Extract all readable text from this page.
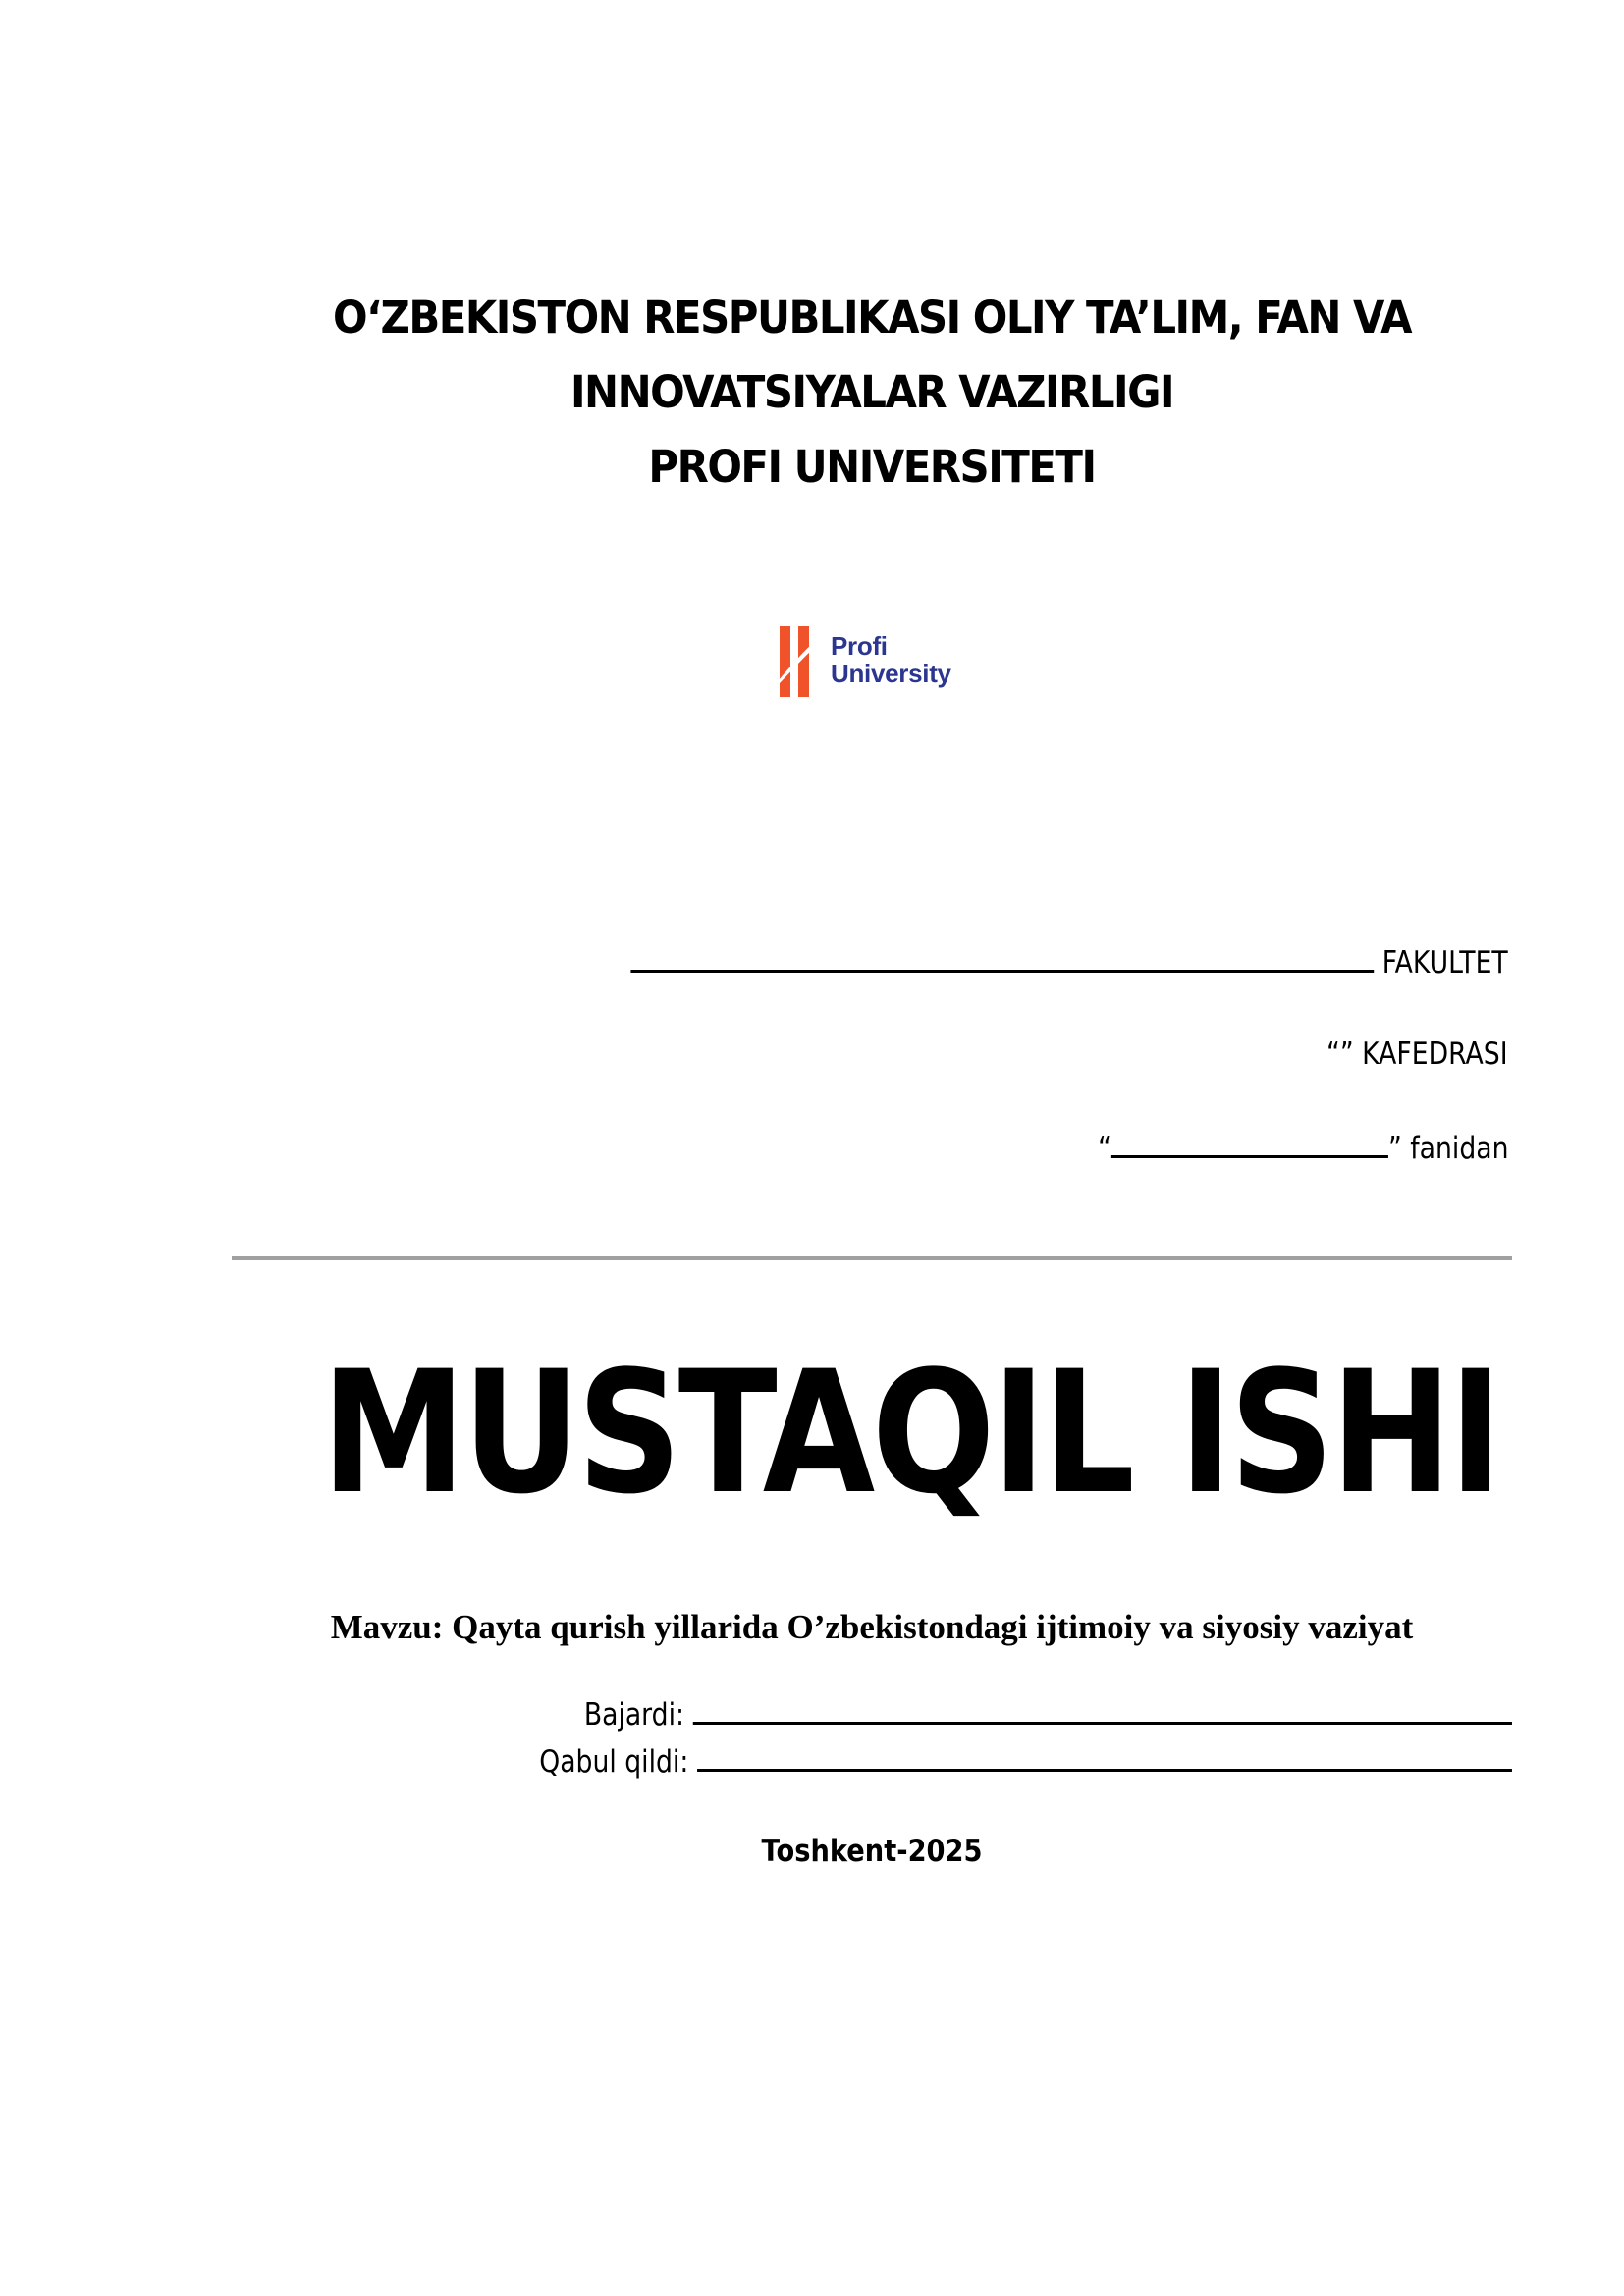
O‘ZBEKISTON RESPUBLIKASI OLIY TA’LIM, FAN VA
INNOVATSIYALAR VAZIRLIGI
PROFI UNIVERSITETI
Profi
University
FAKULTET
“” KAFEDRASI
“	” fanidan
MUSTAQIL ISHI
Mavzu: Qayta qurish yillarida O’zbekistondagi ijtimoiy va siyosiy vaziyat
Bajardi:
Qabul qildi:
Toshkent-2025
